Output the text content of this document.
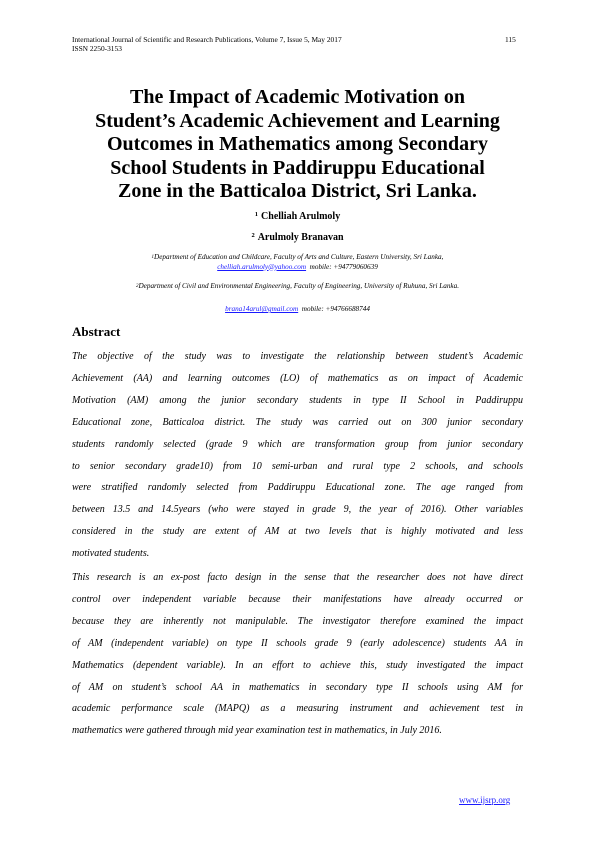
International Journal of Scientific and Research Publications, Volume 7, Issue 5, May 2017
ISSN 2250-3153
115
The Impact of Academic Motivation on
Student’s Academic Achievement and Learning
Outcomes in Mathematics among Secondary
School Students in Paddiruppu Educational
Zone in the Batticaloa District, Sri Lanka.
$^1$ Chelliah Arulmoly
$^2$ Arulmoly Branavan
$^1$Department of Education and Childcare, Faculty of Arts and Culture, Eastern University, Sri Lanka,
chelliah.arulmoly@yahoo.com mobile: +94779060639
$^2$Department of Civil and Environmental Engineering, Faculty of Engineering, University of Ruhuna, Sri Lanka.
brana14arul@gmail.com mobile: +94766688744
Abstract
The objective of the study was to investigate the relationship between student’s Academic
Achievement (AA) and learning outcomes (LO) of mathematics as on impact of Academic
Motivation (AM) among the junior secondary students in type II School in Paddiruppu
Educational zone, Batticaloa district. The study was carried out on 300 junior secondary
students randomly selected (grade 9 which are transformation group from junior secondary
to senior secondary grade10) from 10 semi-urban and rural type 2 schools, and schools
were stratified randomly selected from Paddiruppu Educational zone. The age ranged from
between 13.5 and 14.5years (who were stayed in grade 9, the year of 2016). Other variables
considered in the study are extent of AM at two levels that is highly motivated and less
motivated students.
This research is an ex-post facto design in the sense that the researcher does not have direct
control over independent variable because their manifestations have already occurred or
because they are inherently not manipulable. The investigator therefore examined the impact
of AM (independent variable) on type II schools grade 9 (early adolescence) students AA in
Mathematics (dependent variable). In an effort to achieve this, study investigated the impact
of AM on student’s school AA in mathematics in secondary type II schools using AM for
academic performance scale (MAPQ) as a measuring instrument and achievement test in
mathematics were gathered through mid year examination test in mathematics, in July 2016.
www.ijsrp.org
